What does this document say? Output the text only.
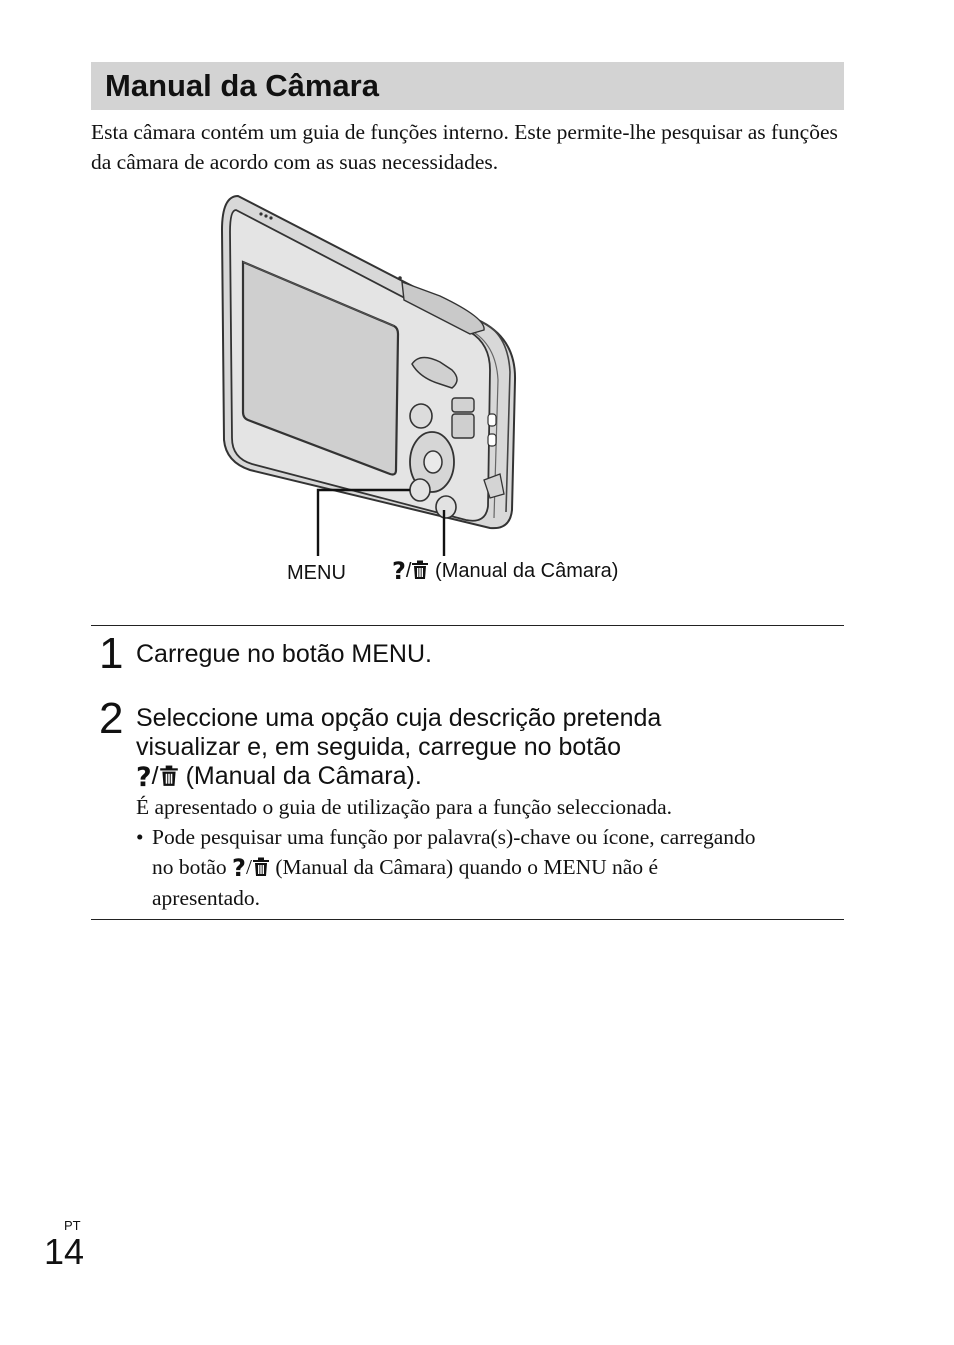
Manual da Câmara

Esta câmara contém um guia de funções interno. Este permite-lhe pesquisar as funções da câmara de acordo com as suas necessidades.

MENU ?/ (Manual da Câmara)
1 Carregue no botão MENU.

2 Seleccione uma opção cuja descrição pretenda

visualizar e, em seguida, carregue no botão

?/ (Manual da Câmara).

É apresentado o guia de utilização para a função seleccionada.

• Pode pesquisar uma função por palavra(s)-chave ou ícone, carregando
no botão ?/ (Manual da Câmara) quando o MENU não é
apresentado.
PT
14
